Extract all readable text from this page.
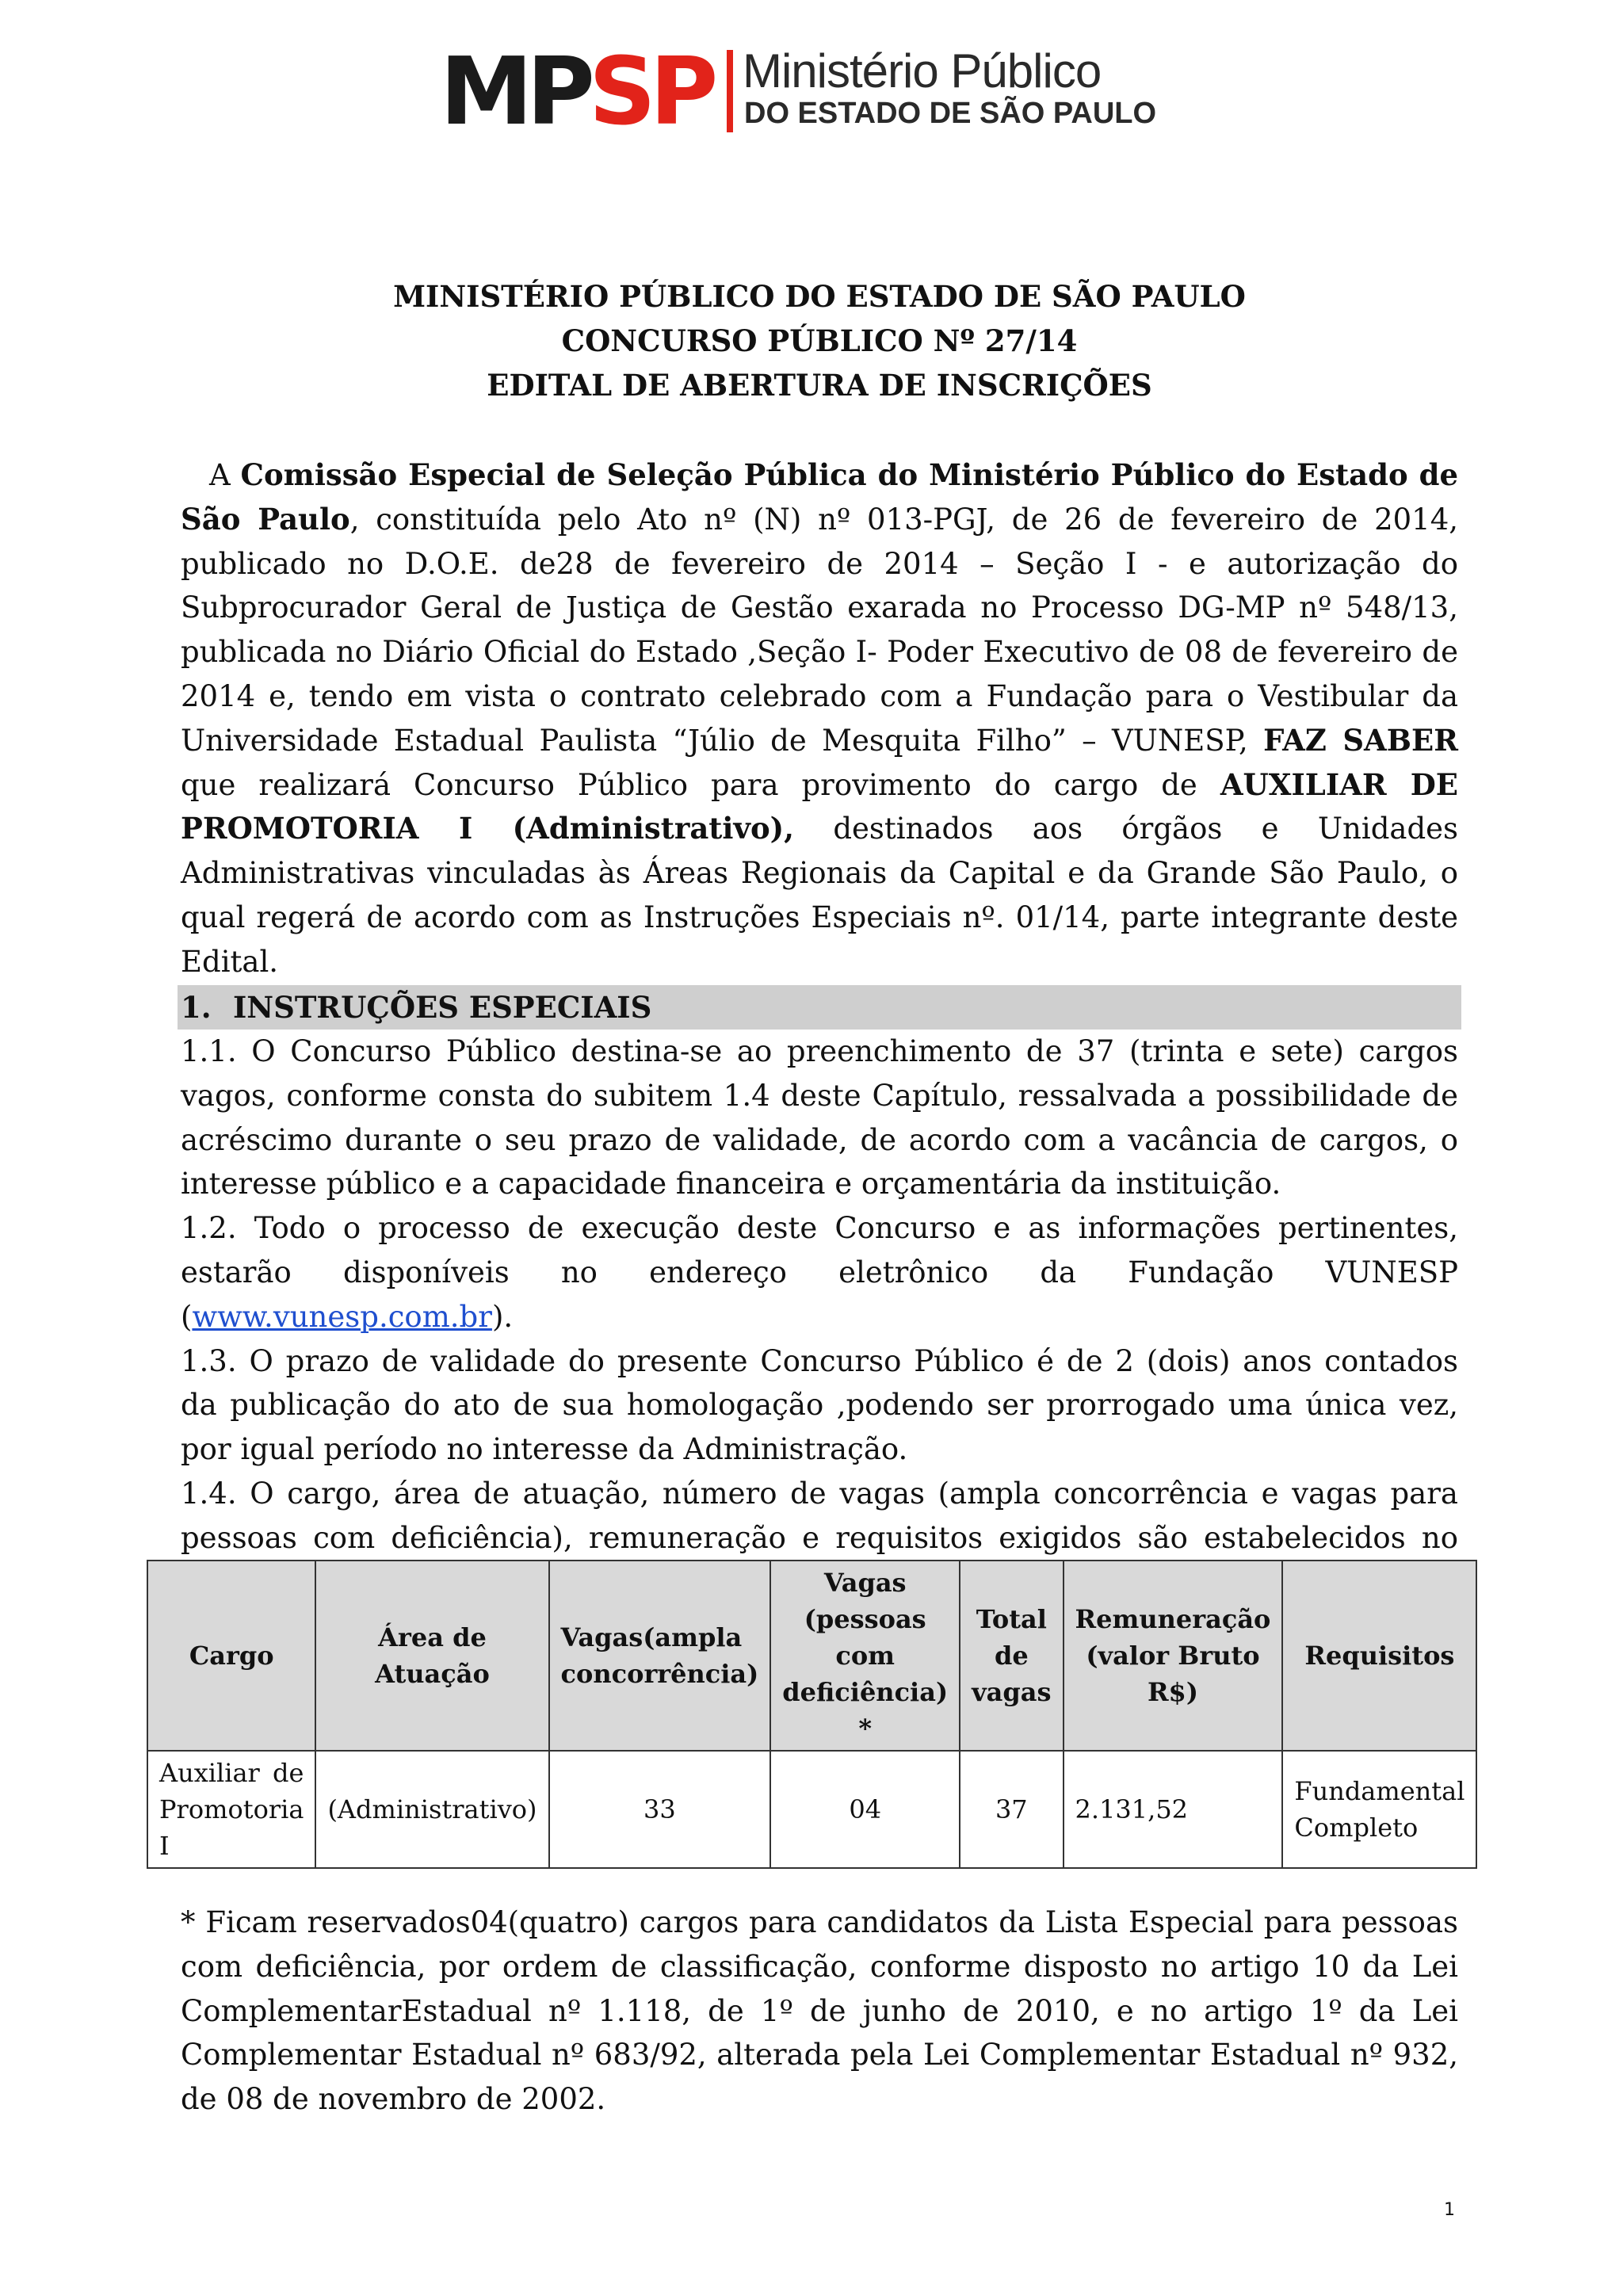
MPSP Ministério Público
DO ESTADO DE SÃO PAULO
MINISTÉRIO PÚBLICO DO ESTADO DE SÃO PAULO
CONCURSO PÚBLICO Nº 27/14
EDITAL DE ABERTURA DE INSCRIÇÕES
A Comissão Especial de Seleção Pública do Ministério Público do Estado de São Paulo, constituída pelo Ato nº (N) nº 013-PGJ, de 26 de fevereiro de 2014, publicado no D.O.E. de28 de fevereiro de 2014 – Seção I - e autorização do Subprocurador Geral de Justiça de Gestão exarada no Processo DG-MP nº 548/13, publicada no Diário Oficial do Estado ,Seção I- Poder Executivo de 08 de fevereiro de 2014 e, tendo em vista o contrato celebrado com a Fundação para o Vestibular da Universidade Estadual Paulista “Júlio de Mesquita Filho” – VUNESP, FAZ SABER que realizará Concurso Público para provimento do cargo de AUXILIAR DE PROMOTORIA I (Administrativo), destinados aos órgãos e Unidades Administrativas vinculadas às Áreas Regionais da Capital e da Grande São Paulo, o qual regerá de acordo com as Instruções Especiais nº. 01/14, parte integrante deste Edital.
1. INSTRUÇÕES ESPECIAIS
1.1. O Concurso Público destina-se ao preenchimento de 37 (trinta e sete) cargos vagos, conforme consta do subitem 1.4 deste Capítulo, ressalvada a possibilidade de acréscimo durante o seu prazo de validade, de acordo com a vacância de cargos, o interesse público e a capacidade financeira e orçamentária da instituição.
1.2. Todo o processo de execução deste Concurso e as informações pertinentes, estarão disponíveis no endereço eletrônico da Fundação VUNESP (www.vunesp.com.br).
1.3. O prazo de validade do presente Concurso Público é de 2 (dois) anos contados da publicação do ato de sua homologação ,podendo ser prorrogado uma única vez, por igual período no interesse da Administração.
1.4. O cargo, área de atuação, número de vagas (ampla concorrência e vagas para pessoas com deficiência), remuneração e requisitos exigidos são estabelecidos no
Cargo	Área de Atuação	Vagas(ampla concorrência)	Vagas (pessoas com deficiência) *	Total de vagas	Remuneração (valor Bruto R$)	Requisitos
Auxiliar de Promotoria I	(Administrativo)	33	04	37	2.131,52	Fundamental Completo
* Ficam reservados04(quatro) cargos para candidatos da Lista Especial para pessoas com deficiência, por ordem de classificação, conforme disposto no artigo 10 da Lei ComplementarEstadual nº 1.118, de 1º de junho de 2010, e no artigo 1º da Lei Complementar Estadual nº 683/92, alterada pela Lei Complementar Estadual nº 932, de 08 de novembro de 2002.
1
